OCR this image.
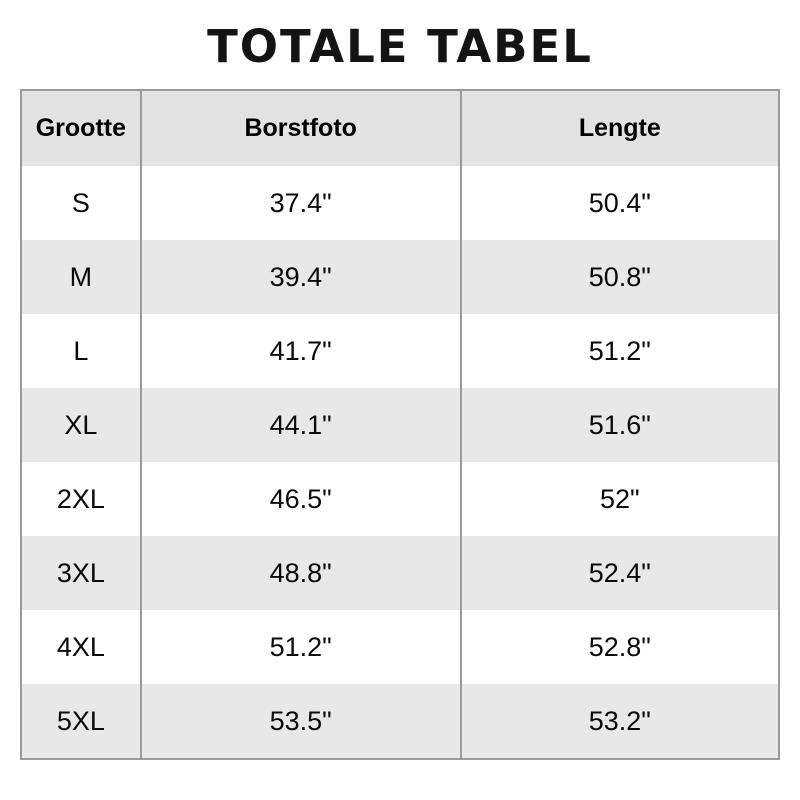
TOTALE TABEL
Grootte	Borstfoto	Lengte
S	37.4"	50.4"
M	39.4"	50.8"
L	41.7"	51.2"
XL	44.1"	51.6"
2XL	46.5"	52"
3XL	48.8"	52.4"
4XL	51.2"	52.8"
5XL	53.5"	53.2"
